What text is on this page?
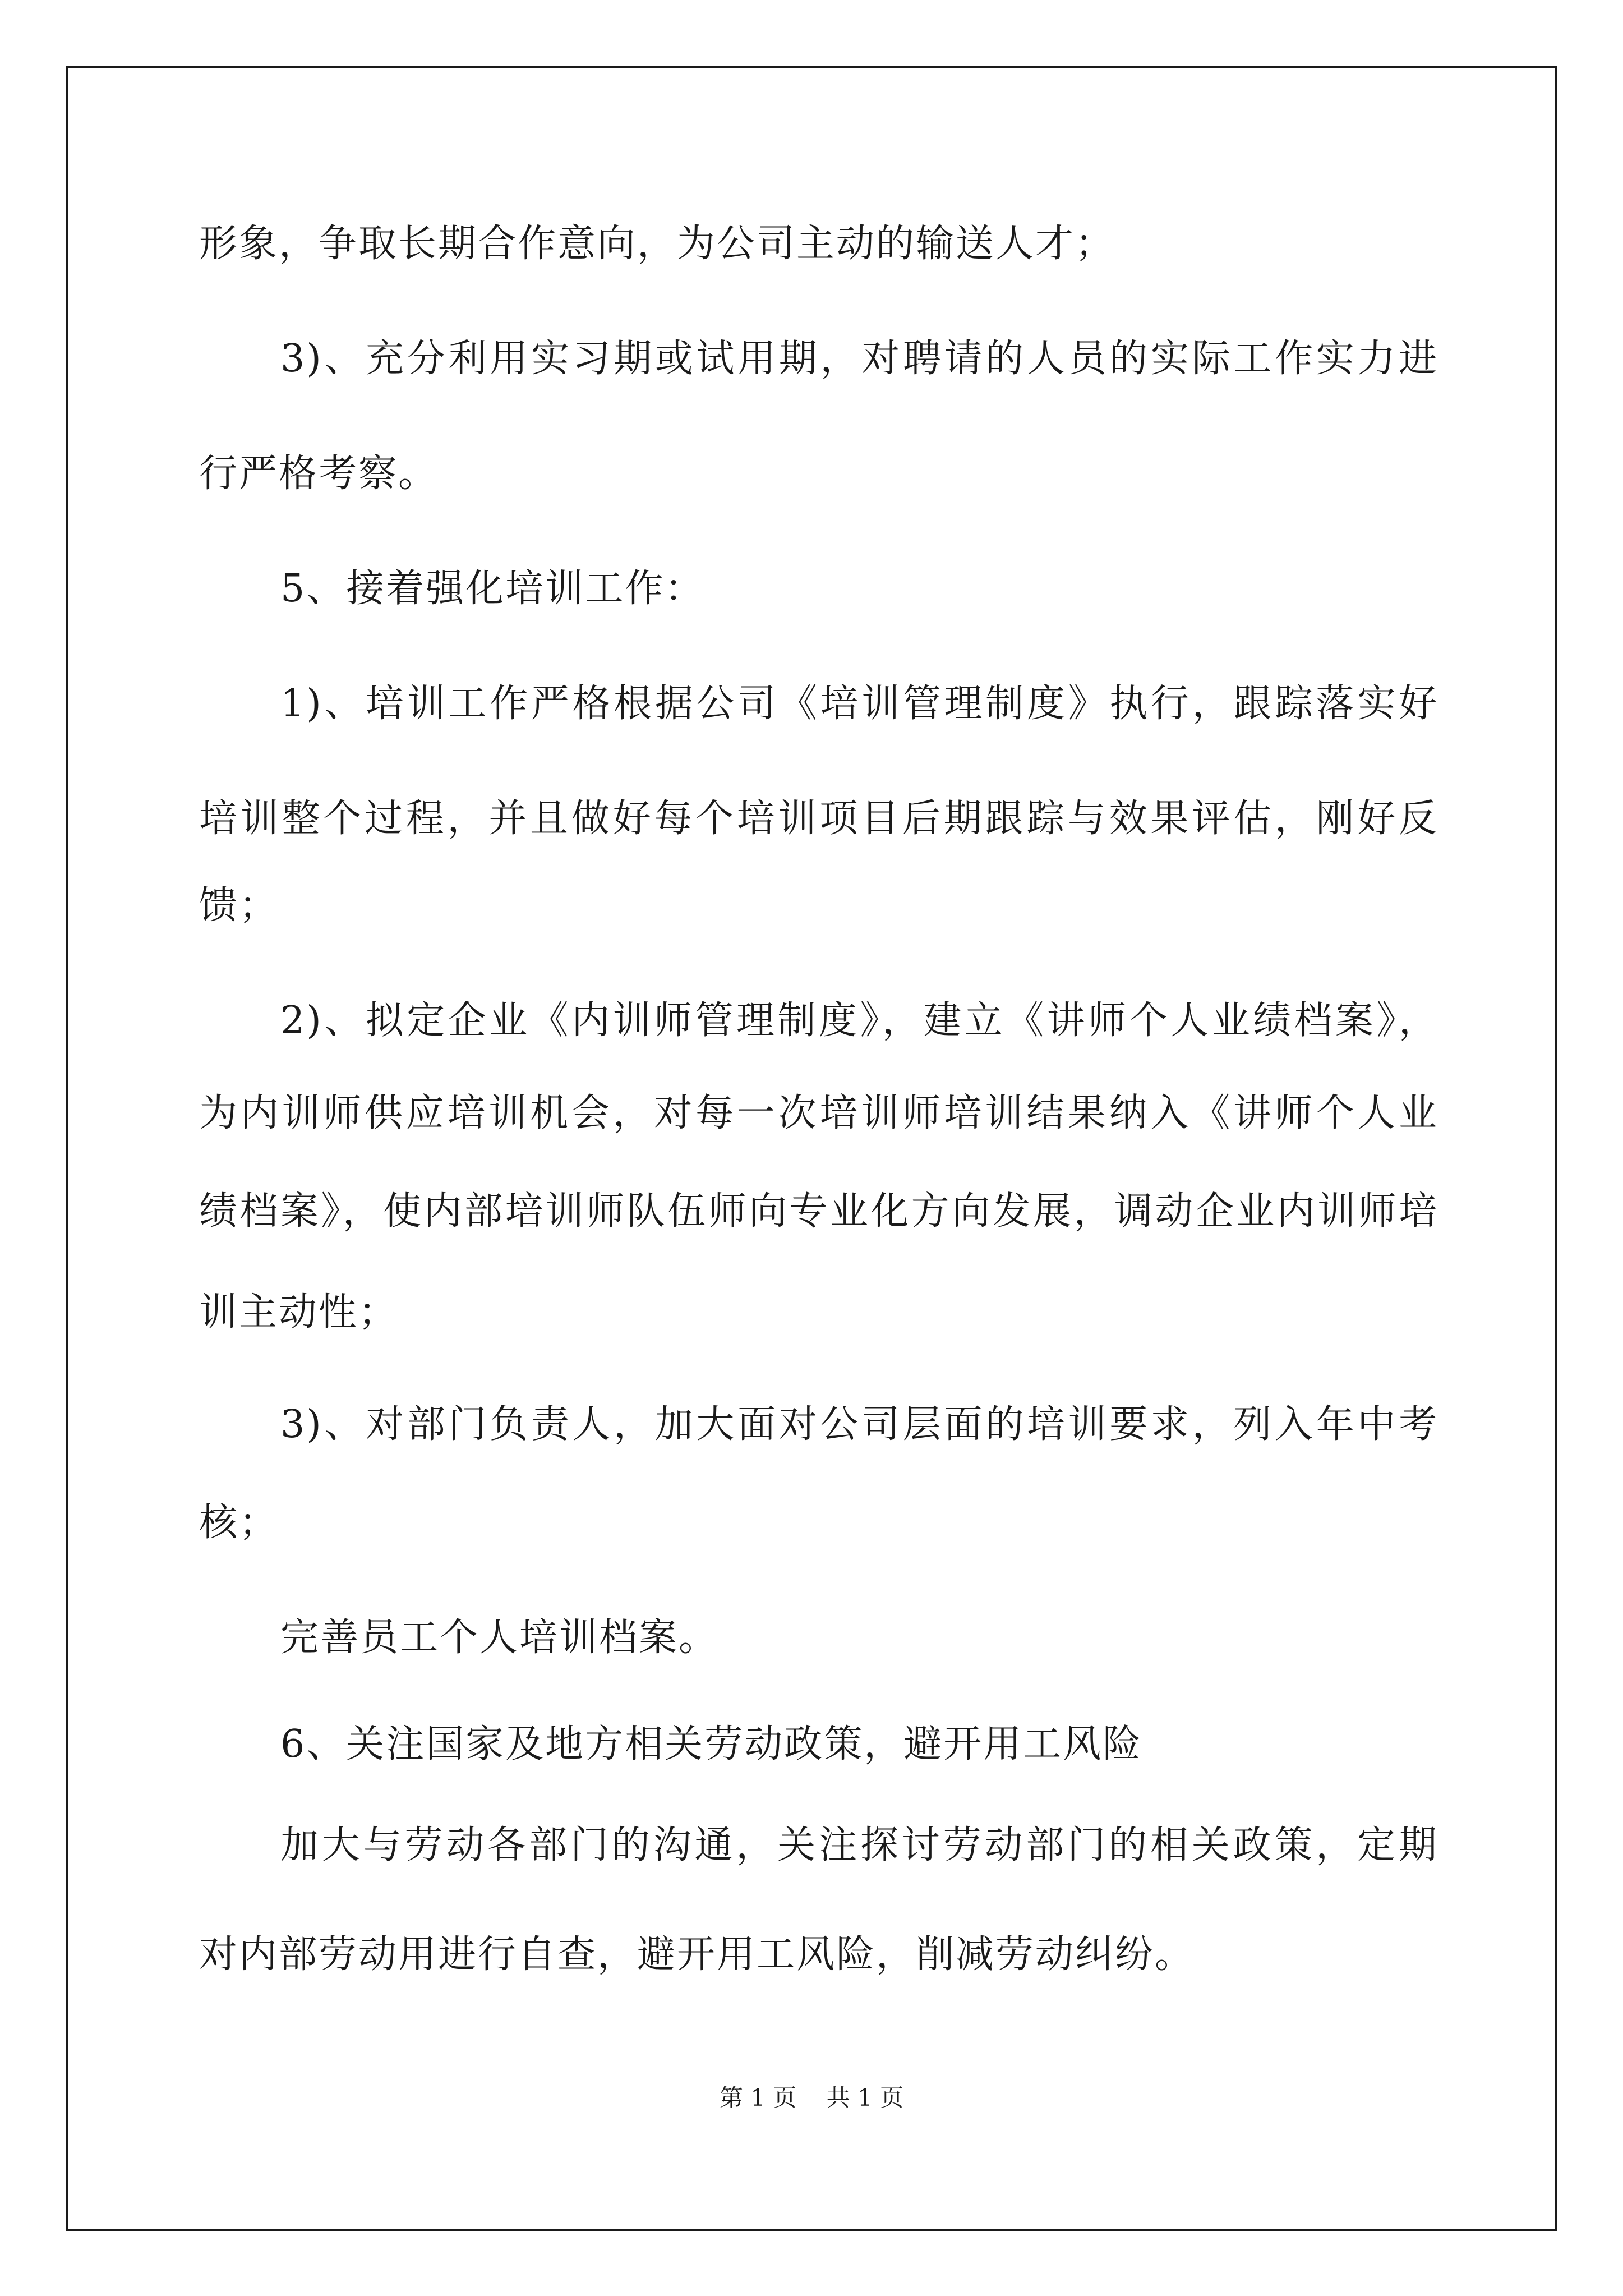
形象，争取长期合作意向，为公司主动的输送人才；

3)、充分利用实习期或试用期，对聘请的人员的实际工作实力进

行严格考察。

5、接着强化培训工作：

1)、培训工作严格根据公司《培训管理制度》执行，跟踪落实好

培训整个过程，并且做好每个培训项目后期跟踪与效果评估，刚好反

馈；

2)、拟定企业《内训师管理制度》，建立《讲师个人业绩档案》，

为内训师供应培训机会，对每一次培训师培训结果纳入《讲师个人业

绩档案》，使内部培训师队伍师向专业化方向发展，调动企业内训师培

训主动性；

3)、对部门负责人，加大面对公司层面的培训要求，列入年中考

核；

完善员工个人培训档案。

6、关注国家及地方相关劳动政策，避开用工风险

加大与劳动各部门的沟通，关注探讨劳动部门的相关政策，定期

对内部劳动用进行自查，避开用工风险，削减劳动纠纷。

第 1 页    共 1 页
